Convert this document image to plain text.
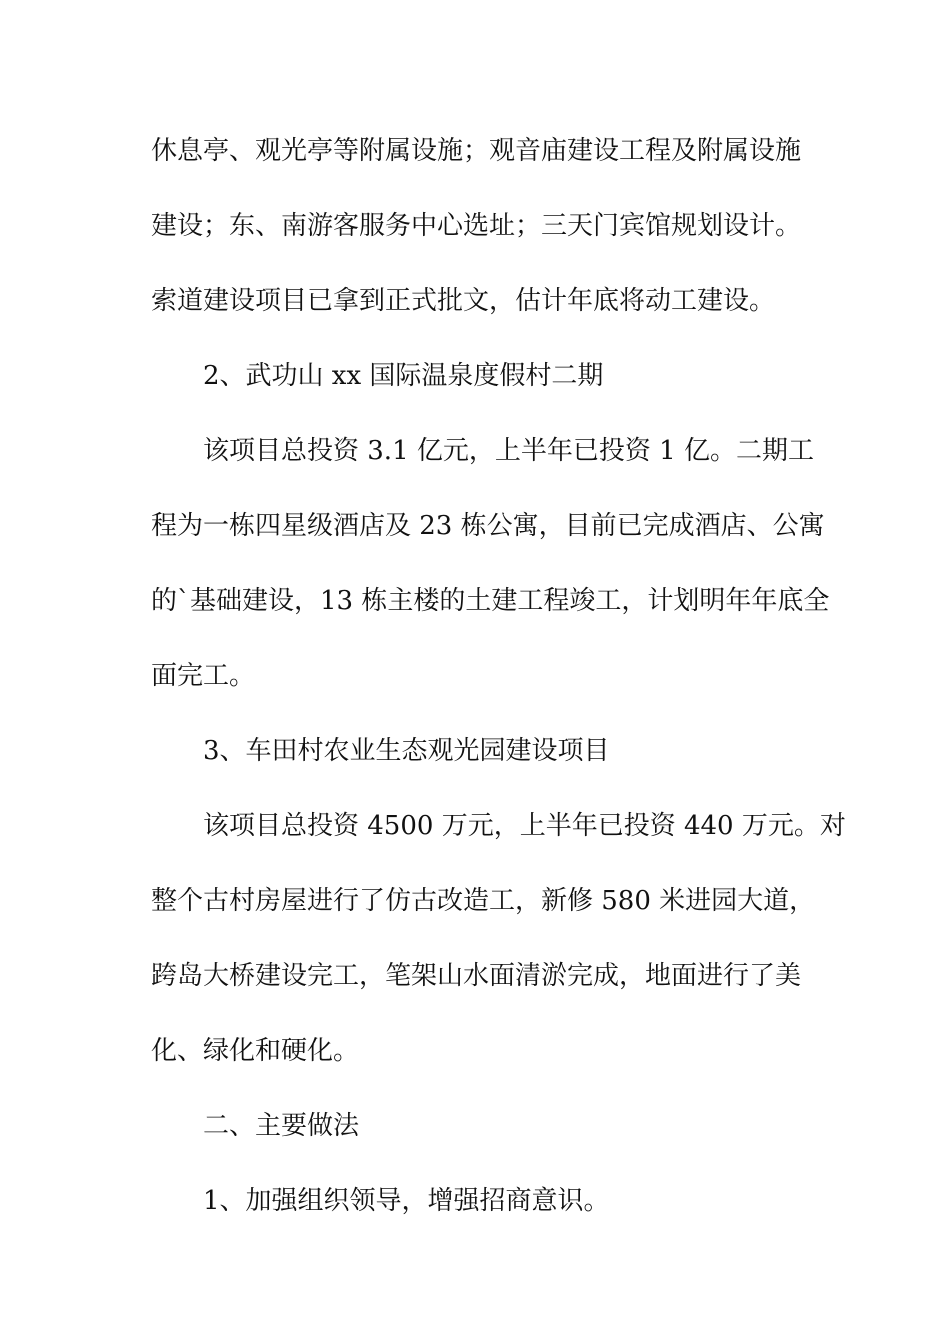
休息亭、观光亭等附属设施；观音庙建设工程及附属设施

建设；东、南游客服务中心选址；三天门宾馆规划设计。

索道建设项目已拿到正式批文，估计年底将动工建设。

2、武功山 xx 国际温泉度假村二期

该项目总投资 3.1 亿元，上半年已投资 1 亿。二期工

程为一栋四星级酒店及 23 栋公寓，目前已完成酒店、公寓

的`基础建设，13 栋主楼的土建工程竣工，计划明年年底全

面完工。

3、车田村农业生态观光园建设项目

该项目总投资 4500 万元，上半年已投资 440 万元。对

整个古村房屋进行了仿古改造工，新修 580 米进园大道，

跨岛大桥建设完工，笔架山水面清淤完成，地面进行了美

化、绿化和硬化。

二、主要做法

1、加强组织领导，增强招商意识。
